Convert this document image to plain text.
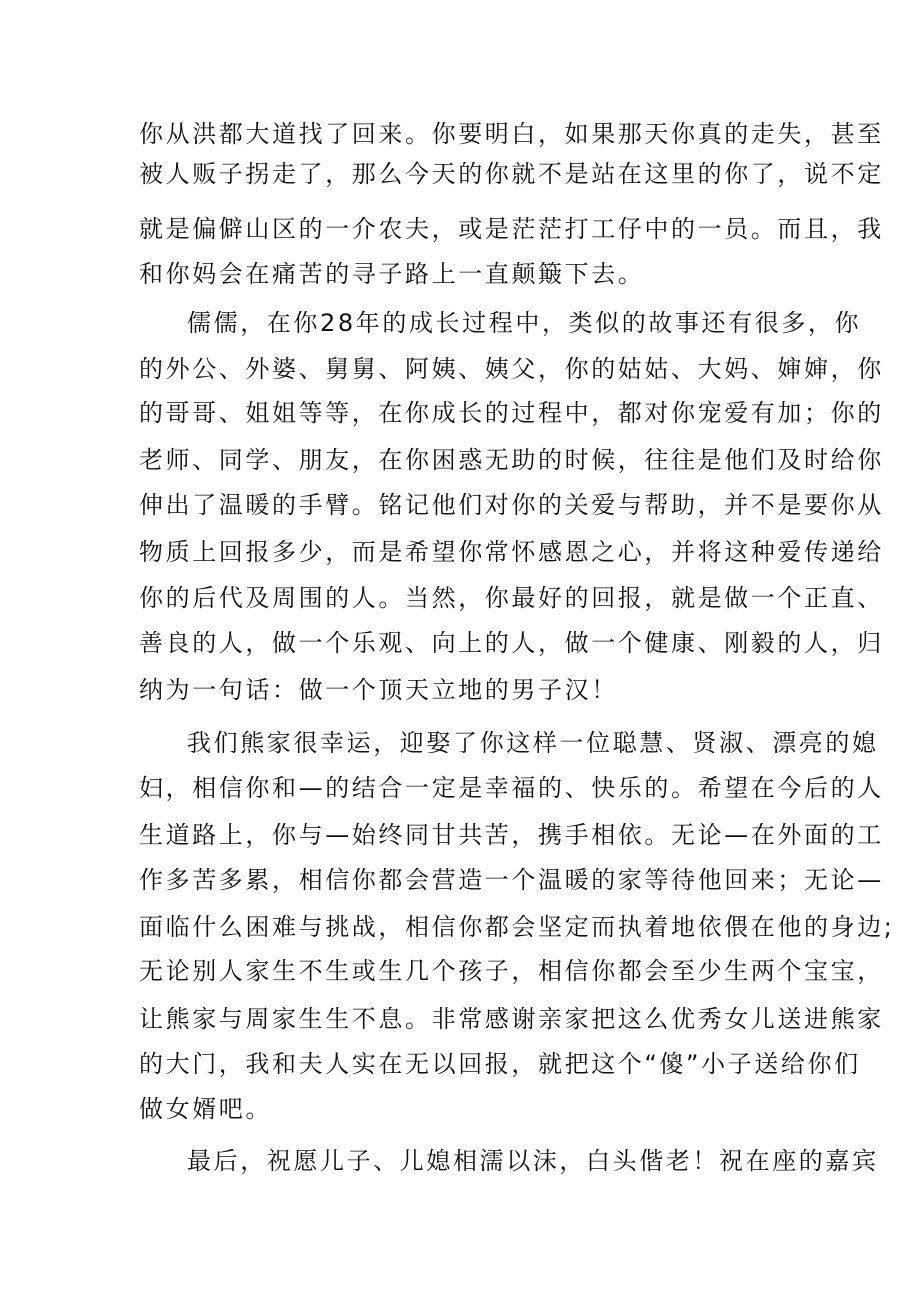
你从洪都大道找了回来。你要明白，如果那天你真的走失，甚至
被人贩子拐走了，那么今天的你就不是站在这里的你了，说不定
就是偏僻山区的一介农夫，或是茫茫打工仔中的一员。而且，我
和你妈会在痛苦的寻子路上一直颠簸下去。
儒儒，在你28年的成长过程中，类似的故事还有很多，你
的外公、外婆、舅舅、阿姨、姨父，你的姑姑、大妈、婶婶，你
的哥哥、姐姐等等，在你成长的过程中，都对你宠爱有加；你的
老师、同学、朋友，在你困惑无助的时候，往往是他们及时给你
伸出了温暖的手臂。铭记他们对你的关爱与帮助，并不是要你从
物质上回报多少，而是希望你常怀感恩之心，并将这种爱传递给
你的后代及周围的人。当然，你最好的回报，就是做一个正直、
善良的人，做一个乐观、向上的人，做一个健康、刚毅的人，归
纳为一句话：做一个顶天立地的男子汉！
我们熊家很幸运，迎娶了你这样一位聪慧、贤淑、漂亮的媳
妇，相信你和—的结合一定是幸福的、快乐的。希望在今后的人
生道路上，你与—始终同甘共苦，携手相依。无论—在外面的工
作多苦多累，相信你都会营造一个温暖的家等待他回来；无论—
面临什么困难与挑战，相信你都会坚定而执着地依偎在他的身边;
无论别人家生不生或生几个孩子，相信你都会至少生两个宝宝，
让熊家与周家生生不息。非常感谢亲家把这么优秀女儿送进熊家
的大门，我和夫人实在无以回报，就把这个“傻”小子送给你们
做女婿吧。
最后，祝愿儿子、儿媳相濡以沫，白头偕老！祝在座的嘉宾
